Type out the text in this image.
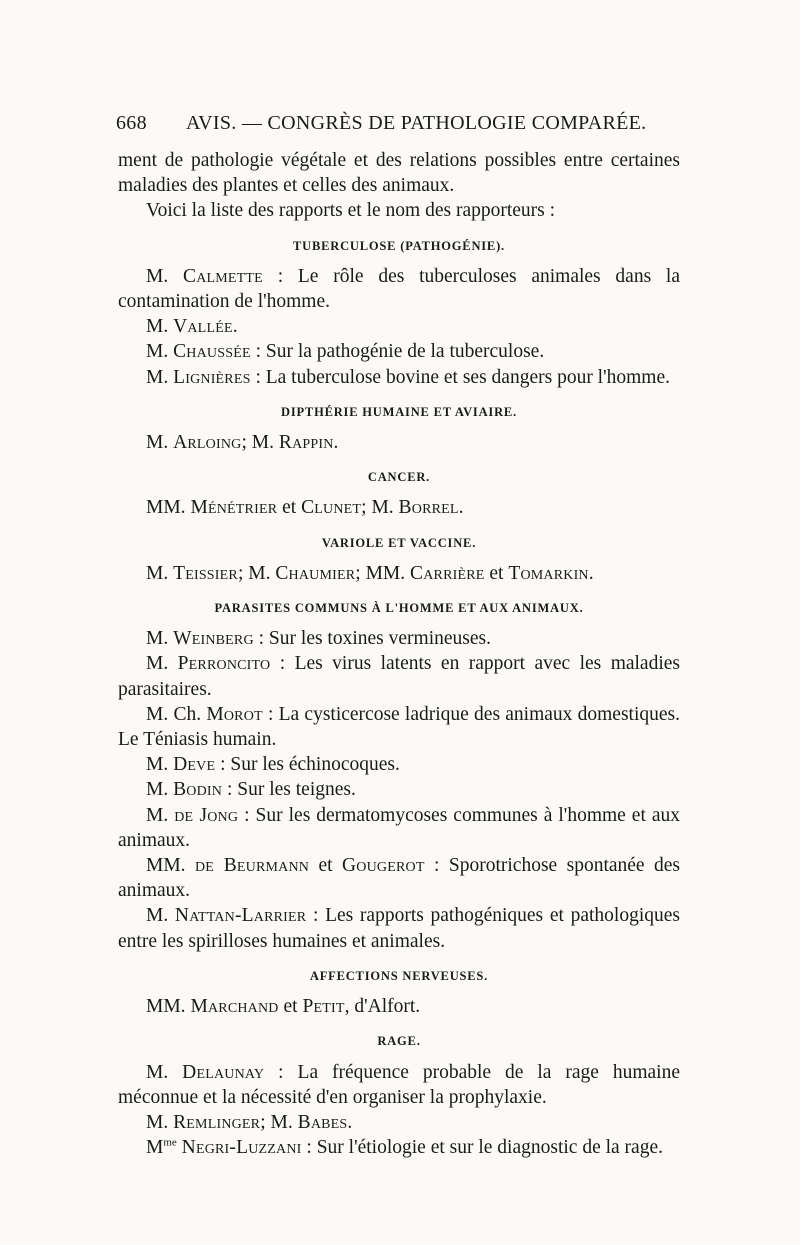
668	AVIS. — CONGRÈS DE PATHOLOGIE COMPARÉE.

ment de pathologie végétale et des relations possibles entre certaines maladies des plantes et celles des animaux.

Voici la liste des rapports et le nom des rapporteurs :

TUBERCULOSE (PATHOGÉNIE).

M. Calmette : Le rôle des tuberculoses animales dans la contamination de l'homme.

M. Vallée.

M. Chaussée : Sur la pathogénie de la tuberculose.

M. Lignières : La tuberculose bovine et ses dangers pour l'homme.

DIPTHÉRIE HUMAINE ET AVIAIRE.

M. Arloing; M. Rappin.

CANCER.

MM. Ménétrier et Clunet; M. Borrel.

VARIOLE ET VACCINE.

M. Teissier; M. Chaumier; MM. Carrière et Tomarkin.

PARASITES COMMUNS À L'HOMME ET AUX ANIMAUX.

M. Weinberg : Sur les toxines vermineuses.

M. Perroncito : Les virus latents en rapport avec les maladies parasitaires.

M. Ch. Morot : La cysticercose ladrique des animaux domestiques. Le Téniasis humain.

M. Deve : Sur les échinocoques.

M. Bodin : Sur les teignes.

M. de Jong : Sur les dermatomycoses communes à l'homme et aux animaux.

MM. de Beurmann et Gougerot : Sporotrichose spontanée des animaux.

M. Nattan-Larrier : Les rapports pathogéniques et pathologiques entre les spirilloses humaines et animales.

AFFECTIONS NERVEUSES.

MM. Marchand et Petit, d'Alfort.

RAGE.

M. Delaunay : La fréquence probable de la rage humaine méconnue et la nécessité d'en organiser la prophylaxie.

M. Remlinger; M. Babes.

$M^{me}$ Negri-Luzzani : Sur l'étiologie et sur le diagnostic de la rage.
